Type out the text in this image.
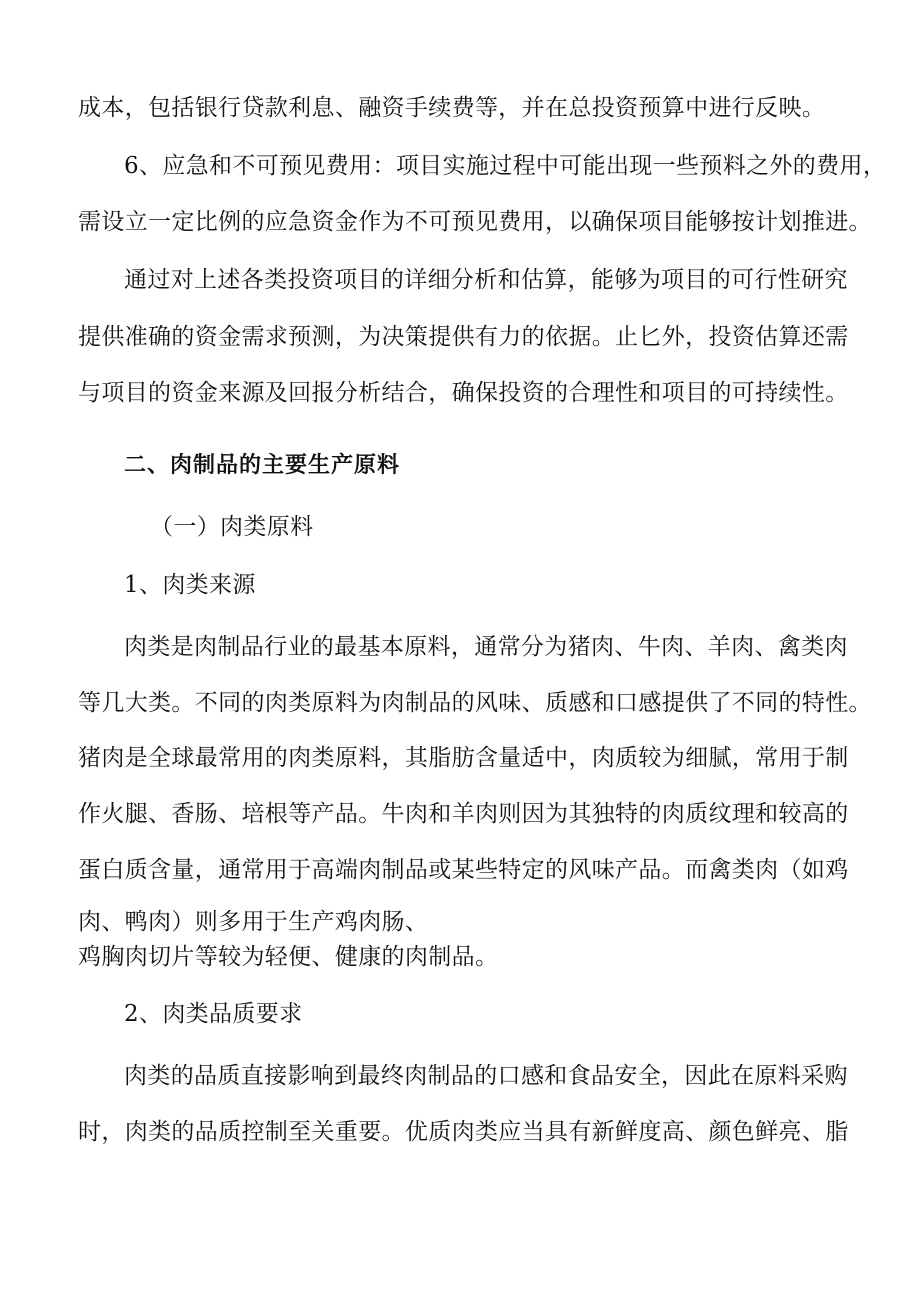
成本，包括银行贷款利息、融资手续费等，并在总投资预算中进行反映。
6、应急和不可预见费用：项目实施过程中可能出现一些预料之外的费用，
需设立一定比例的应急资金作为不可预见费用，以确保项目能够按计划推进。
通过对上述各类投资项目的详细分析和估算，能够为项目的可行性研究
提供准确的资金需求预测，为决策提供有力的依据。止匕外，投资估算还需
与项目的资金来源及回报分析结合，确保投资的合理性和项目的可持续性。
二、肉制品的主要生产原料
（一）肉类原料
1、肉类来源
肉类是肉制品行业的最基本原料，通常分为猪肉、牛肉、羊肉、禽类肉
等几大类。不同的肉类原料为肉制品的风味、质感和口感提供了不同的特性。
猪肉是全球最常用的肉类原料，其脂肪含量适中，肉质较为细腻，常用于制
作火腿、香肠、培根等产品。牛肉和羊肉则因为其独特的肉质纹理和较高的
蛋白质含量，通常用于高端肉制品或某些特定的风味产品。而禽类肉（如鸡
肉、鸭肉）则多用于生产鸡肉肠、
鸡胸肉切片等较为轻便、健康的肉制品。
2、肉类品质要求
肉类的品质直接影响到最终肉制品的口感和食品安全，因此在原料采购
时，肉类的品质控制至关重要。优质肉类应当具有新鲜度高、颜色鲜亮、脂
